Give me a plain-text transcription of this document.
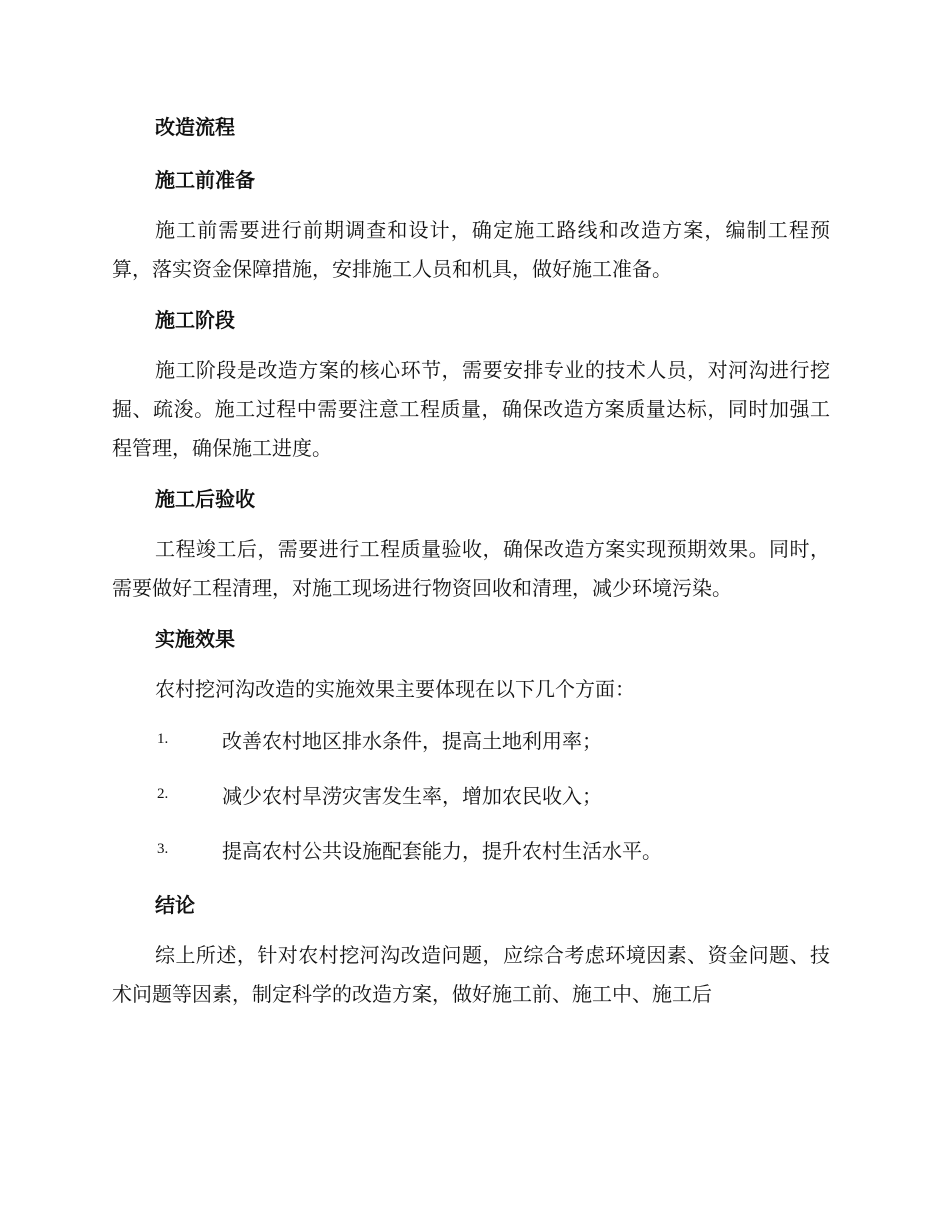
改造流程
施工前准备

施工前需要进行前期调查和设计，确定施工路线和改造方案，编制工程预算，落实资金保障措施，安排施工人员和机具，做好施工准备。

施工阶段

施工阶段是改造方案的核心环节，需要安排专业的技术人员，对河沟进行挖掘、疏浚。施工过程中需要注意工程质量，确保改造方案质量达标，同时加强工程管理，确保施工进度。

施工后验收

工程竣工后，需要进行工程质量验收，确保改造方案实现预期效果。同时，需要做好工程清理，对施工现场进行物资回收和清理，减少环境污染。

实施效果

农村挖河沟改造的实施效果主要体现在以下几个方面：

1.	改善农村地区排水条件，提高土地利用率；
2.	减少农村旱涝灾害发生率，增加农民收入；
3.	提高农村公共设施配套能力，提升农村生活水平。
结论

综上所述，针对农村挖河沟改造问题，应综合考虑环境因素、资金问题、技术问题等因素，制定科学的改造方案，做好施工前、施工中、施工后
